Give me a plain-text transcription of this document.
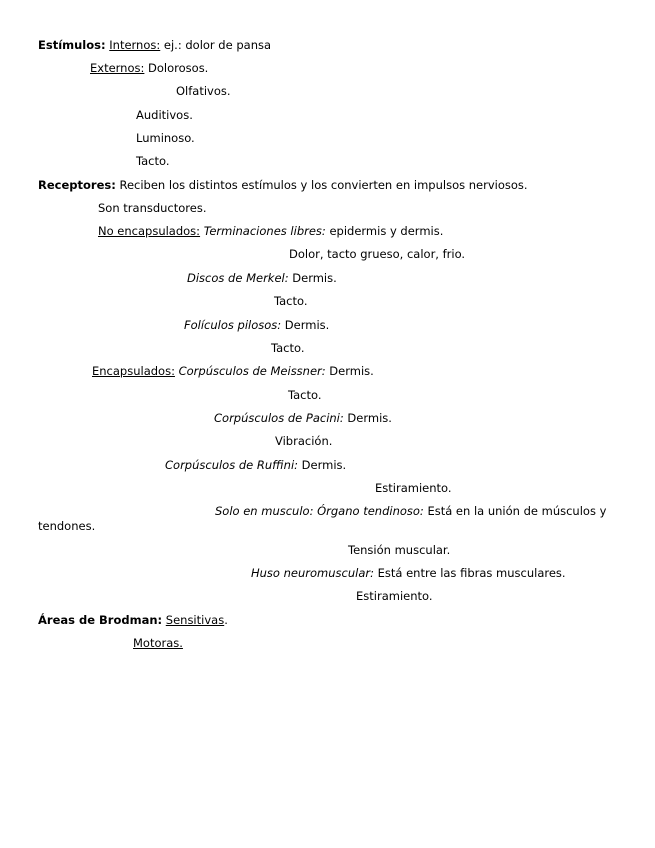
Estímulos: Internos: ej.: dolor de pansa
Externos: Dolorosos.
Olfativos.
Auditivos.
Luminoso.
Tacto.
Receptores: Reciben los distintos estímulos y los convierten en impulsos nerviosos.
Son transductores.
No encapsulados: Terminaciones libres: epidermis y dermis.
Dolor, tacto grueso, calor, frio.
Discos de Merkel: Dermis.
Tacto.
Folículos pilosos: Dermis.
Tacto.
Encapsulados: Corpúsculos de Meissner: Dermis.
Tacto.
Corpúsculos de Pacini: Dermis.
Vibración.
Corpúsculos de Ruffini: Dermis.
Estiramiento.
Solo en musculo: Órgano tendinoso: Está en la unión de músculos y
tendones.
Tensión muscular.
Huso neuromuscular: Está entre las fibras musculares.
Estiramiento.
Áreas de Brodman: Sensitivas.
Motoras.
